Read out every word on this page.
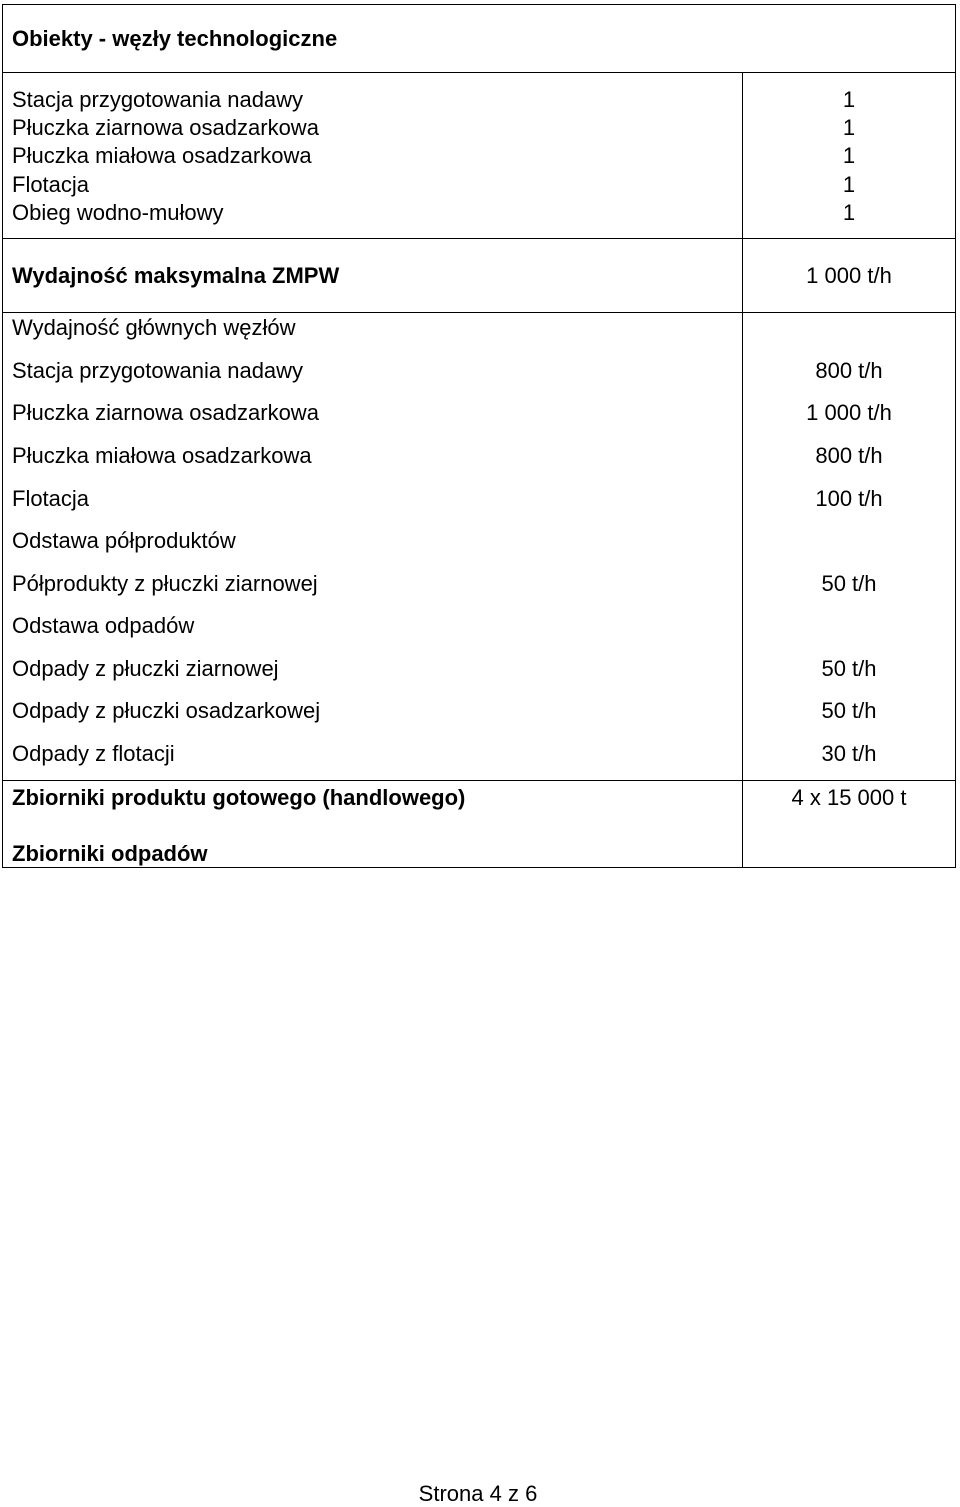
Obiekty - węzły technologiczne
Stacja przygotowania nadawy	1
Płuczka ziarnowa osadzarkowa	1
Płuczka miałowa osadzarkowa	1
Flotacja	1
Obieg wodno-mułowy	1
Wydajność maksymalna ZMPW	1 000 t/h
Wydajność głównych węzłów
Stacja przygotowania nadawy	800 t/h
Płuczka ziarnowa osadzarkowa	1 000 t/h
Płuczka miałowa osadzarkowa	800 t/h
Flotacja	100 t/h
Odstawa półproduktów
Półprodukty z płuczki ziarnowej	50 t/h
Odstawa odpadów
Odpady z płuczki ziarnowej	50 t/h
Odpady z płuczki osadzarkowej	50 t/h
Odpady z flotacji	30 t/h
Zbiorniki produktu gotowego (handlowego)	4 x 15 000 t
Zbiorniki odpadów
Strona 4 z 6
